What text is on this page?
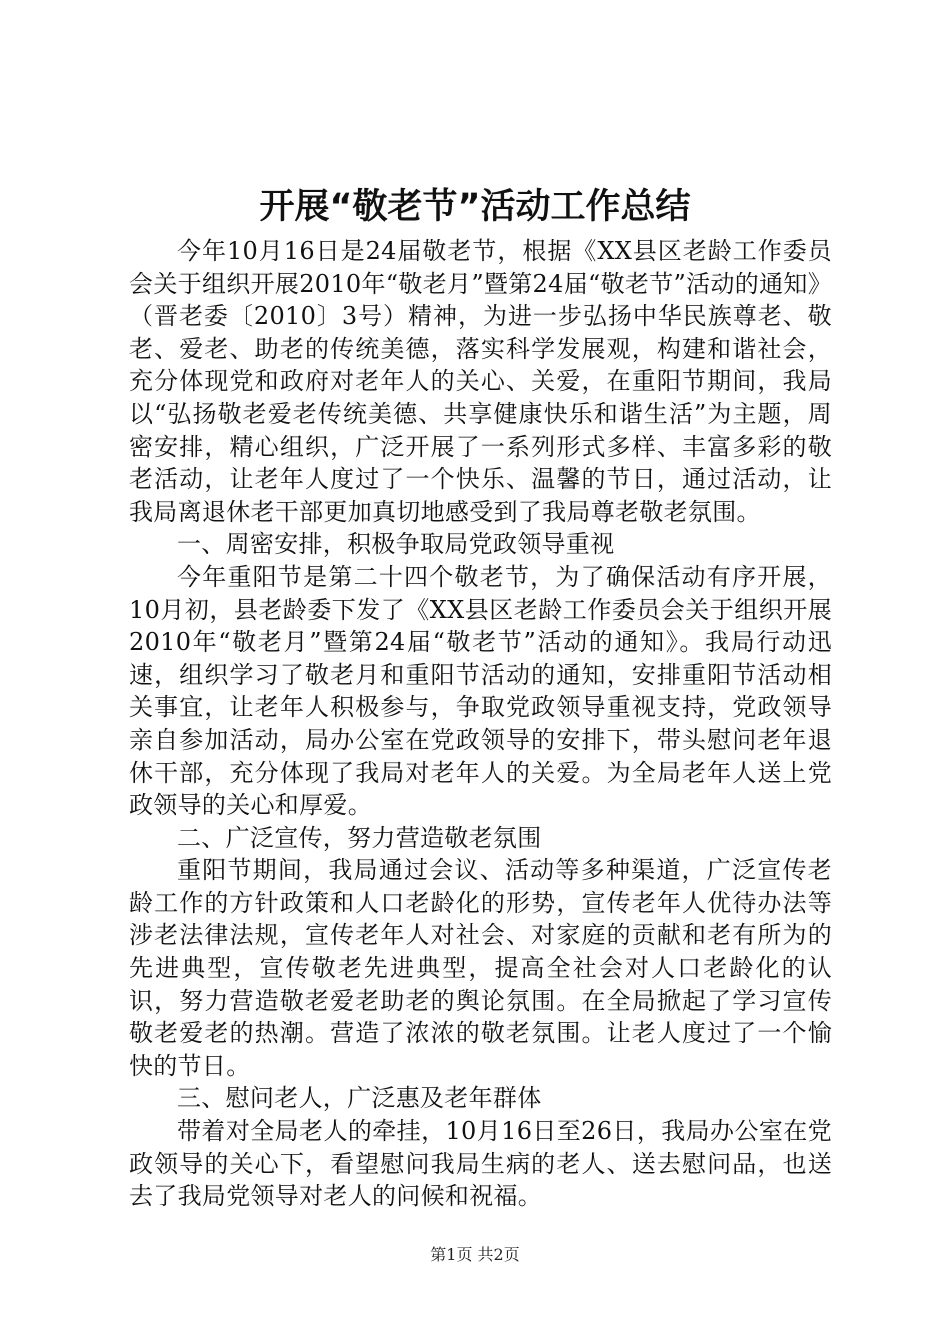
开展“敬老节”活动工作总结

今年10月16日是24届敬老节，根据《XX县区老龄工作委员会关于组织开展2010年“敬老月”暨第24届“敬老节”活动的通知》（晋老委〔2010〕3号）精神，为进一步弘扬中华民族尊老、敬老、爱老、助老的传统美德，落实科学发展观，构建和谐社会，充分体现党和政府对老年人的关心、关爱，在重阳节期间，我局以“弘扬敬老爱老传统美德、共享健康快乐和谐生活”为主题，周密安排，精心组织，广泛开展了一系列形式多样、丰富多彩的敬老活动，让老年人度过了一个快乐、温馨的节日，通过活动，让我局离退休老干部更加真切地感受到了我局尊老敬老氛围。

一、周密安排，积极争取局党政领导重视

今年重阳节是第二十四个敬老节，为了确保活动有序开展，10月初，县老龄委下发了《XX县区老龄工作委员会关于组织开展2010年“敬老月”暨第24届“敬老节”活动的通知》。我局行动迅速，组织学习了敬老月和重阳节活动的通知，安排重阳节活动相关事宜，让老年人积极参与，争取党政领导重视支持，党政领导亲自参加活动，局办公室在党政领导的安排下，带头慰问老年退休干部，充分体现了我局对老年人的关爱。为全局老年人送上党政领导的关心和厚爱。

二、广泛宣传，努力营造敬老氛围

重阳节期间，我局通过会议、活动等多种渠道，广泛宣传老龄工作的方针政策和人口老龄化的形势，宣传老年人优待办法等涉老法律法规，宣传老年人对社会、对家庭的贡献和老有所为的先进典型，宣传敬老先进典型，提高全社会对人口老龄化的认识，努力营造敬老爱老助老的舆论氛围。在全局掀起了学习宣传敬老爱老的热潮。营造了浓浓的敬老氛围。让老人度过了一个愉快的节日。

三、慰问老人，广泛惠及老年群体

带着对全局老人的牵挂，10月16日至26日，我局办公室在党政领导的关心下，看望慰问我局生病的老人、送去慰问品，也送去了我局党领导对老人的问候和祝福。

第1页 共2页
